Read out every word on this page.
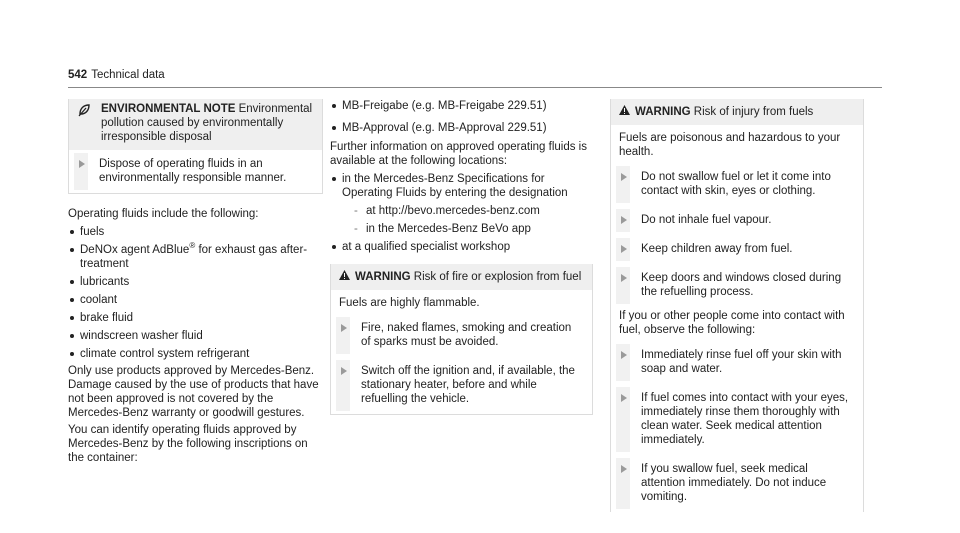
542 Technical data
ENVIRONMENTAL NOTE Environmental pollution caused by environmentally irresponsible disposal
Dispose of operating fluids in an environmentally responsible manner.

Operating fluids include the following:

fuels
DeNOx agent AdBlue® for exhaust gas after-treatment
lubricants
coolant
brake fluid
windscreen washer fluid
climate control system refrigerant

Only use products approved by Mercedes-Benz. Damage caused by the use of products that have not been approved is not covered by the Mercedes-Benz warranty or goodwill gestures.

You can identify operating fluids approved by Mercedes-Benz by the following inscriptions on the container:

MB-Freigabe (e.g. MB-Freigabe 229.51)
MB-Approval (e.g. MB-Approval 229.51)

Further information on approved operating fluids is available at the following locations:

in the Mercedes-Benz Specifications for Operating Fluids by entering the designation
- at http://bevo.mercedes-benz.com
- in the Mercedes-Benz BeVo app
at a qualified specialist workshop
WARNING Risk of fire or explosion from fuel

Fuels are highly flammable.

Fire, naked flames, smoking and creation of sparks must be avoided.
Switch off the ignition and, if available, the stationary heater, before and while refuelling the vehicle.
WARNING Risk of injury from fuels

Fuels are poisonous and hazardous to your health.

Do not swallow fuel or let it come into contact with skin, eyes or clothing.
Do not inhale fuel vapour.
Keep children away from fuel.
Keep doors and windows closed during the refuelling process.

If you or other people come into contact with fuel, observe the following:

Immediately rinse fuel off your skin with soap and water.
If fuel comes into contact with your eyes, immediately rinse them thoroughly with clean water. Seek medical attention immediately.
If you swallow fuel, seek medical attention immediately. Do not induce vomiting.
